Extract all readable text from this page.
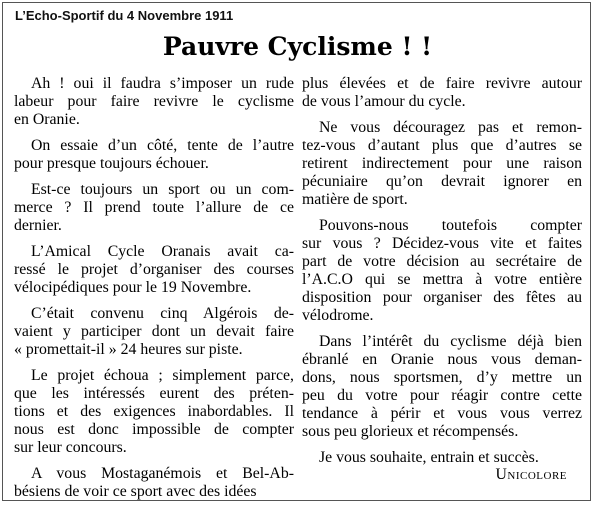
L’Echo-Sportif du 4 Novembre 1911
Pauvre Cyclisme ! !
Ah ! oui il faudra s’imposer un rude
labeur pour faire revivre le cyclisme
en Oranie.
On essaie d’un côté, tente de l’autre
pour presque toujours échouer.
Est-ce toujours un sport ou un com-
merce ? Il prend toute l’allure de ce
dernier.
L’Amical Cycle Oranais avait ca-
ressé le projet d’organiser des courses
vélocipédiques pour le 19 Novembre.
C’était convenu cinq Algérois de-
vaient y participer dont un devait faire
« promettait-il » 24 heures sur piste.
Le projet échoua ; simplement parce,
que les intéressés eurent des préten-
tions et des exigences inabordables. Il
nous est donc impossible de compter
sur leur concours.
A vous Mostaganémois et Bel-Ab-
bésiens de voir ce sport avec des idées
plus élevées et de faire revivre autour
de vous l’amour du cycle.
Ne vous découragez pas et remon-
tez-vous d’autant plus que d’autres se
retirent indirectement pour une raison
pécuniaire qu’on devrait ignorer en
matière de sport.
Pouvons-nous toutefois compter
sur vous ? Décidez-vous vite et faites
part de votre décision au secrétaire de
l’A.C.O qui se mettra à votre entière
disposition pour organiser des fêtes au
vélodrome.
Dans l’intérêt du cyclisme déjà bien
ébranlé en Oranie nous vous deman-
dons, nous sportsmen, d’y mettre un
peu du votre pour réagir contre cette
tendance à périr et vous vous verrez
sous peu glorieux et récompensés.
Je vous souhaite, entrain et succès.
Unicolore
